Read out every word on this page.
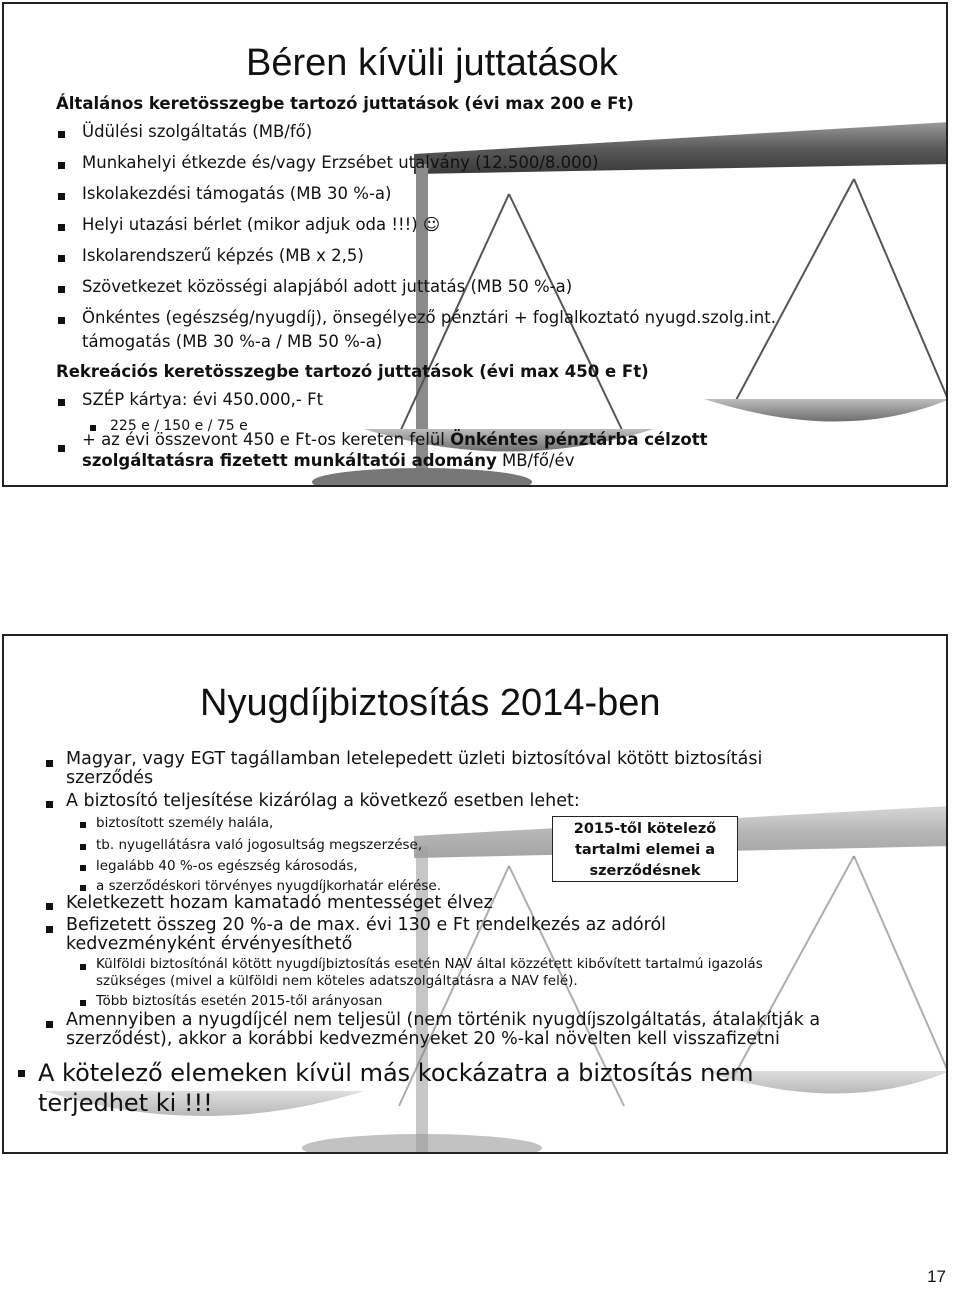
Béren kívüli juttatások
Általános keretösszegbe tartozó juttatások (évi max 200 e Ft)
Üdülési szolgáltatás (MB/fő)
Munkahelyi étkezde és/vagy Erzsébet utalvány (12.500/8.000)
Iskolakezdési támogatás (MB 30 %-a)
Helyi utazási bérlet (mikor adjuk oda !!!) ☺
Iskolarendszerű képzés (MB x 2,5)
Szövetkezet közösségi alapjából adott juttatás (MB 50 %-a)
Önkéntes (egészség/nyugdíj), önsegélyező pénztári + foglalkoztató nyugd.szolg.int.
támogatás (MB 30 %-a / MB 50 %-a)
Rekreációs keretösszegbe tartozó juttatások (évi max 450 e Ft)
SZÉP kártya: évi 450.000,- Ft
225 e / 150 e / 75 e
+ az évi összevont 450 e Ft-os kereten felül Önkéntes pénztárba célzott szolgáltatásra fizetett munkáltatói adomány MB/fő/év
Nyugdíjbiztosítás 2014-ben
Magyar, vagy EGT tagállamban letelepedett üzleti biztosítóval kötött biztosítási szerződés
A biztosító teljesítése kizárólag a következő esetben lehet:
biztosított személy halála,
tb. nyugellátásra való jogosultság megszerzése,
legalább 40 %-os egészség károsodás,
a szerződéskori törvényes nyugdíjkorhatár elérése.
2015-től kötelező tartalmi elemei a szerződésnek
Keletkezett hozam kamatadó mentességet élvez
Befizetett összeg 20 %-a de max. évi 130 e Ft rendelkezés az adóról kedvezményként érvényesíthető
Külföldi biztosítónál kötött nyugdíjbiztosítás esetén NAV által közzétett kibővített tartalmú igazolás szükséges (mivel a külföldi nem köteles adatszolgáltatásra a NAV felé).
Több biztosítás esetén 2015-től arányosan
Amennyiben a nyugdíjcél nem teljesül (nem történik nyugdíjszolgáltatás, átalakítják a szerződést), akkor a korábbi kedvezményeket 20 %-kal növelten kell visszafizetni
A kötelező elemeken kívül más kockázatra a biztosítás nem terjedhet ki !!!
17
